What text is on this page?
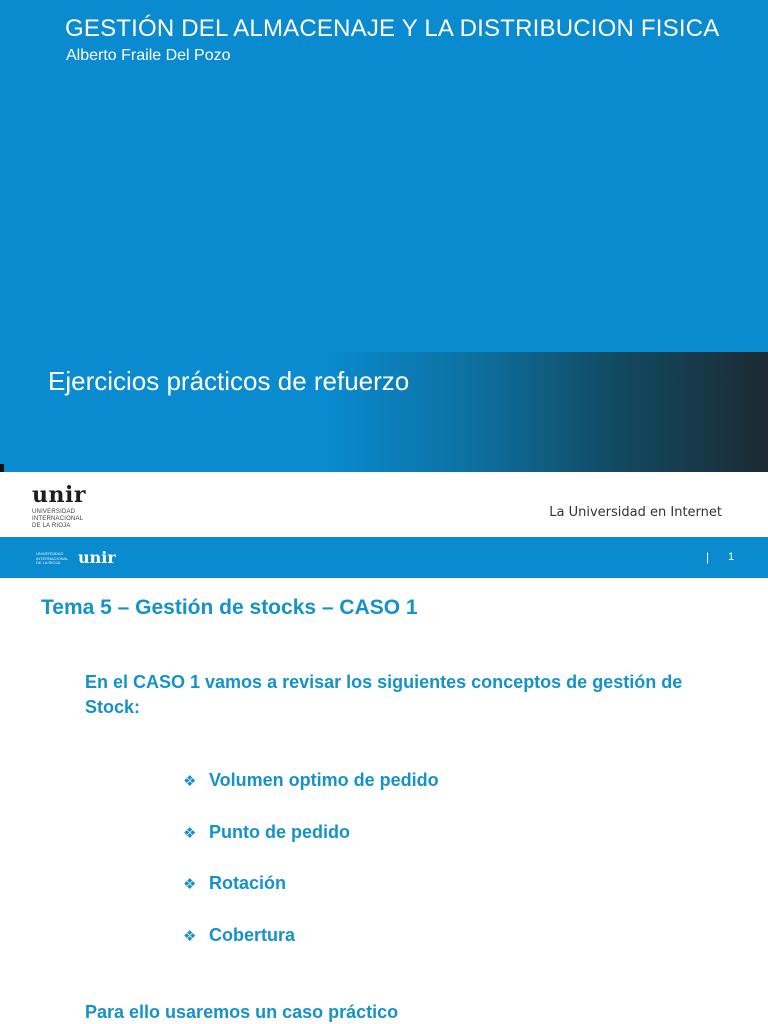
GESTIÓN DEL ALMACENAJE Y LA DISTRIBUCION FISICA
Alberto Fraile Del Pozo
Ejercicios prácticos de refuerzo
unir
UNIVERSIDAD
INTERNACIONAL
DE LA RIOJA
La Universidad en Internet
UNIVERSIDAD
INTERNACIONAL
DE LA RIOJA	unir	| 1
Tema 5 – Gestión de stocks – CASO 1
En el CASO 1 vamos a revisar los siguientes conceptos de gestión de Stock:
❖ Volumen optimo de pedido
❖ Punto de pedido
❖ Rotación
❖ Cobertura
Para ello usaremos un caso práctico
